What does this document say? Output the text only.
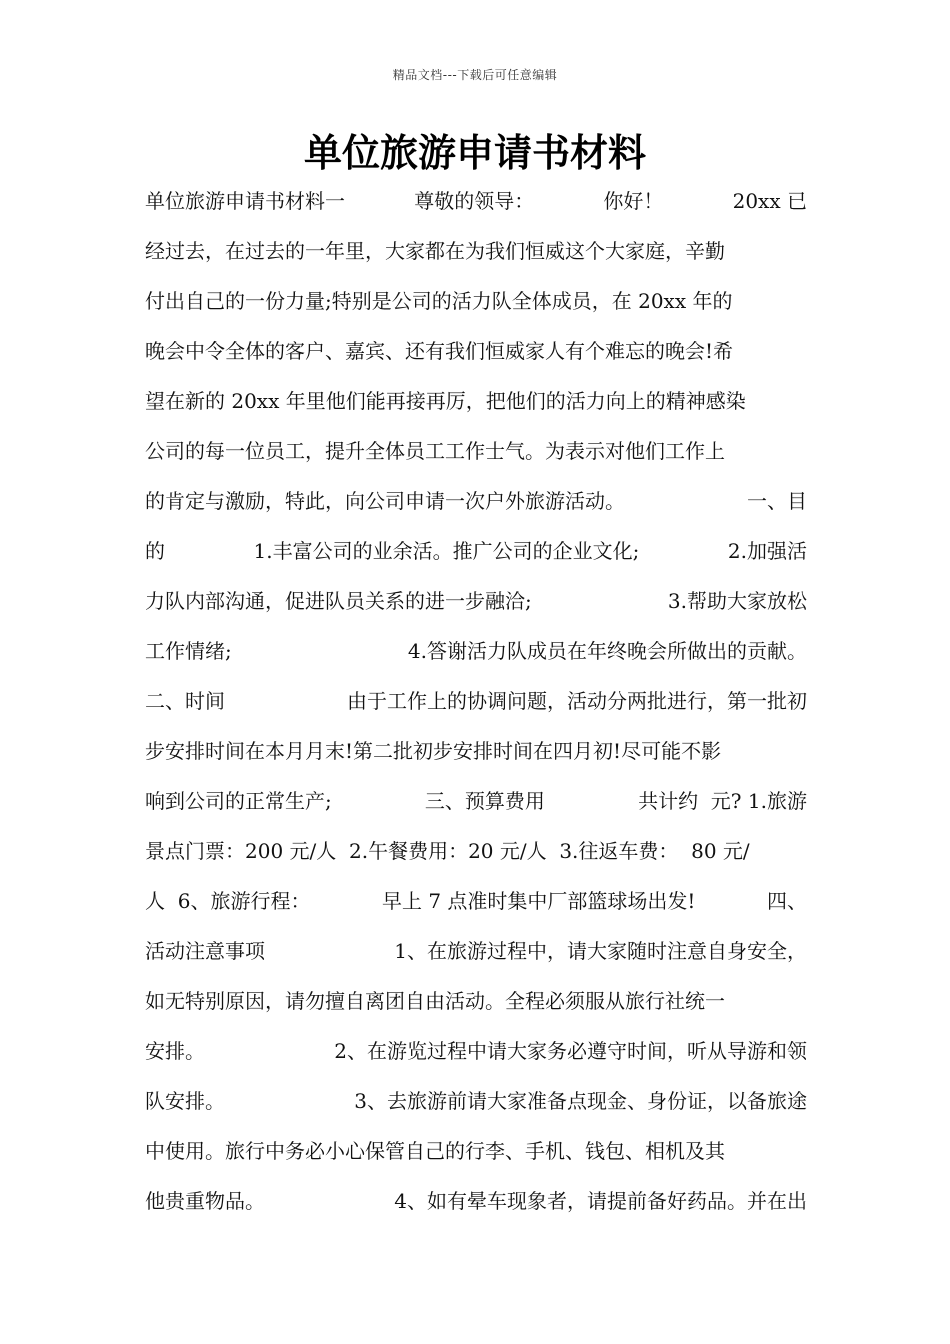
精品文档---下载后可任意编辑
单位旅游申请书材料
单位旅游申请书材料一	尊敬的领导：	你好！	20xx 已
经过去，在过去的一年里，大家都在为我们恒威这个大家庭，辛勤
付出自己的一份力量;特别是公司的活力队全体成员，在 20xx 年的
晚会中令全体的客户、嘉宾、还有我们恒威家人有个难忘的晚会!希
望在新的 20xx 年里他们能再接再厉，把他们的活力向上的精神感染
公司的每一位员工，提升全体员工工作士气。为表示对他们工作上
的肯定与激励，特此，向公司申请一次户外旅游活动。	一、目
的	1.丰富公司的业余活。推广公司的企业文化;	2.加强活
力队内部沟通，促进队员关系的进一步融洽;	3.帮助大家放松
工作情绪;	4.答谢活力队成员在年终晚会所做出的贡献。
二、时间	由于工作上的协调问题，活动分两批进行，第一批初
步安排时间在本月月末!第二批初步安排时间在四月初!尽可能不影
响到公司的正常生产;	三、预算费用	共计约  元? 1.旅游
景点门票：200 元/人  2.午餐费用：20 元/人  3.往返车费：  80 元/
人  6、旅游行程：	早上 7 点准时集中厂部篮球场出发!	四、
活动注意事项	1、在旅游过程中，请大家随时注意自身安全，
如无特别原因，请勿擅自离团自由活动。全程必须服从旅行社统一
安排。	2、在游览过程中请大家务必遵守时间，听从导游和领
队安排。	3、去旅游前请大家准备点现金、身份证，以备旅途
中使用。旅行中务必小心保管自己的行李、手机、钱包、相机及其
他贵重物品。	4、如有晕车现象者，请提前备好药品。并在出
